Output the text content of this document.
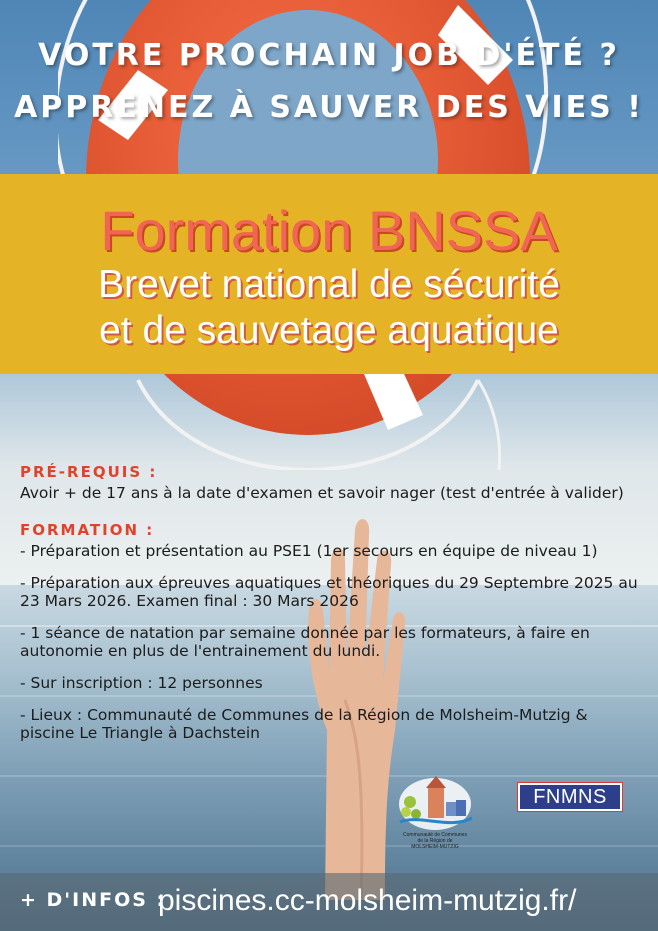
VOTRE PROCHAIN JOB D'ÉTÉ ?
APPRENEZ À SAUVER DES VIES !
Formation BNSSA
Brevet national de sécurité
et de sauvetage aquatique
PRÉ-REQUIS :
Avoir + de 17 ans à la date d'examen et savoir nager (test d'entrée à valider)
FORMATION :
- Préparation et présentation au PSE1 (1er secours en équipe de niveau 1)
- Préparation aux épreuves aquatiques et théoriques du 29 Septembre 2025 au 23 Mars 2026. Examen final : 30 Mars 2026
- 1 séance de natation par semaine donnée par les formateurs, à faire en autonomie en plus de l'entrainement du lundi.
- Sur inscription : 12 personnes
- Lieux : Communauté de Communes de la Région de Molsheim-Mutzig & piscine Le Triangle à Dachstein
Communauté de Communes
de la Région de
MOLSHEIM-MUTZIG
FNMNS
+ D'INFOS :
piscines.cc-molsheim-mutzig.fr/
